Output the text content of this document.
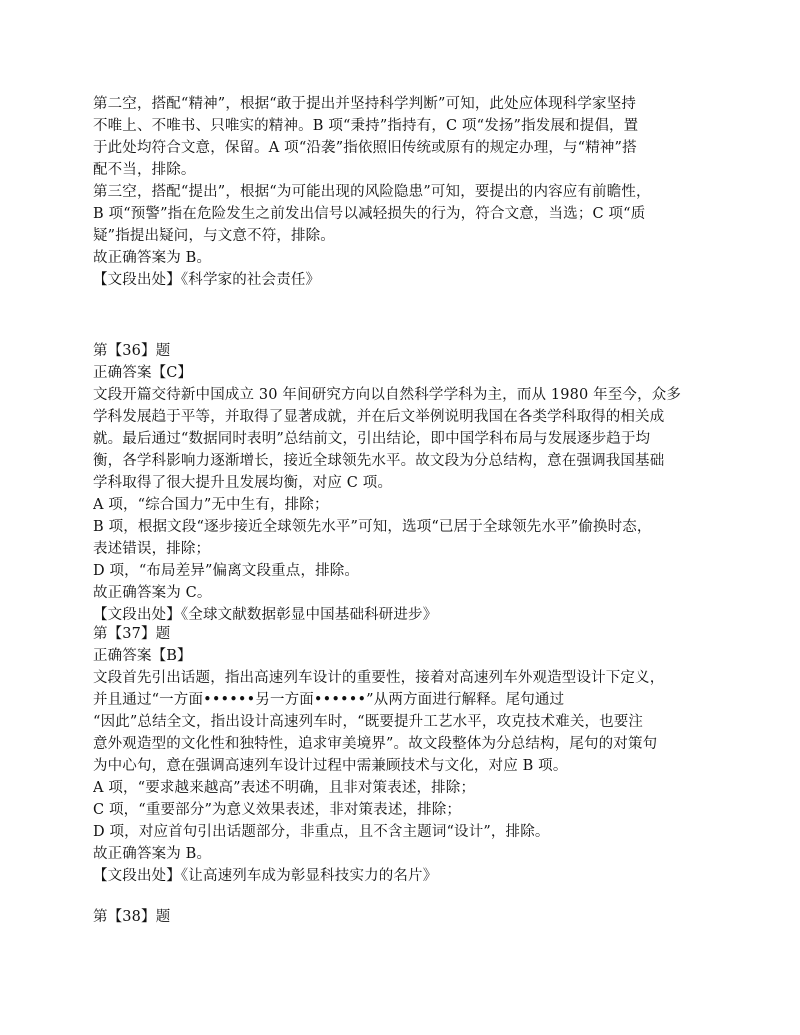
第二空，搭配“精神”，根据“敢于提出并坚持科学判断”可知，此处应体现科学家坚持
不唯上、不唯书、只唯实的精神。B 项“秉持”指持有，C 项“发扬”指发展和提倡，置
于此处均符合文意，保留。A 项“沿袭”指依照旧传统或原有的规定办理，与“精神”搭
配不当，排除。
第三空，搭配“提出”，根据“为可能出现的风险隐患”可知，要提出的内容应有前瞻性，
B 项“预警”指在危险发生之前发出信号以减轻损失的行为，符合文意，当选；C 项“质
疑”指提出疑问，与文意不符，排除。
故正确答案为 B。
【文段出处】《科学家的社会责任》
第【36】题
正确答案【C】
文段开篇交待新中国成立 30 年间研究方向以自然科学学科为主，而从 1980 年至今，众多
学科发展趋于平等，并取得了显著成就，并在后文举例说明我国在各类学科取得的相关成
就。最后通过“数据同时表明”总结前文，引出结论，即中国学科布局与发展逐步趋于均
衡，各学科影响力逐渐增长，接近全球领先水平。故文段为分总结构，意在强调我国基础
学科取得了很大提升且发展均衡，对应 C 项。
A 项，“综合国力”无中生有，排除；
B 项，根据文段“逐步接近全球领先水平”可知，选项“已居于全球领先水平”偷换时态，
表述错误，排除；
D 项，“布局差异”偏离文段重点，排除。
故正确答案为 C。
【文段出处】《全球文献数据彰显中国基础科研进步》
第【37】题
正确答案【B】
文段首先引出话题，指出高速列车设计的重要性，接着对高速列车外观造型设计下定义，
并且通过“一方面••••••另一方面••••••”从两方面进行解释。尾句通过
“因此”总结全文，指出设计高速列车时，“既要提升工艺水平，攻克技术难关，也要注
意外观造型的文化性和独特性，追求审美境界”。故文段整体为分总结构，尾句的对策句
为中心句，意在强调高速列车设计过程中需兼顾技术与文化，对应 B 项。
A 项，“要求越来越高”表述不明确，且非对策表述，排除；
C 项，“重要部分”为意义效果表述，非对策表述，排除；
D 项，对应首句引出话题部分，非重点，且不含主题词“设计”，排除。
故正确答案为 B。
【文段出处】《让高速列车成为彰显科技实力的名片》
第【38】题
